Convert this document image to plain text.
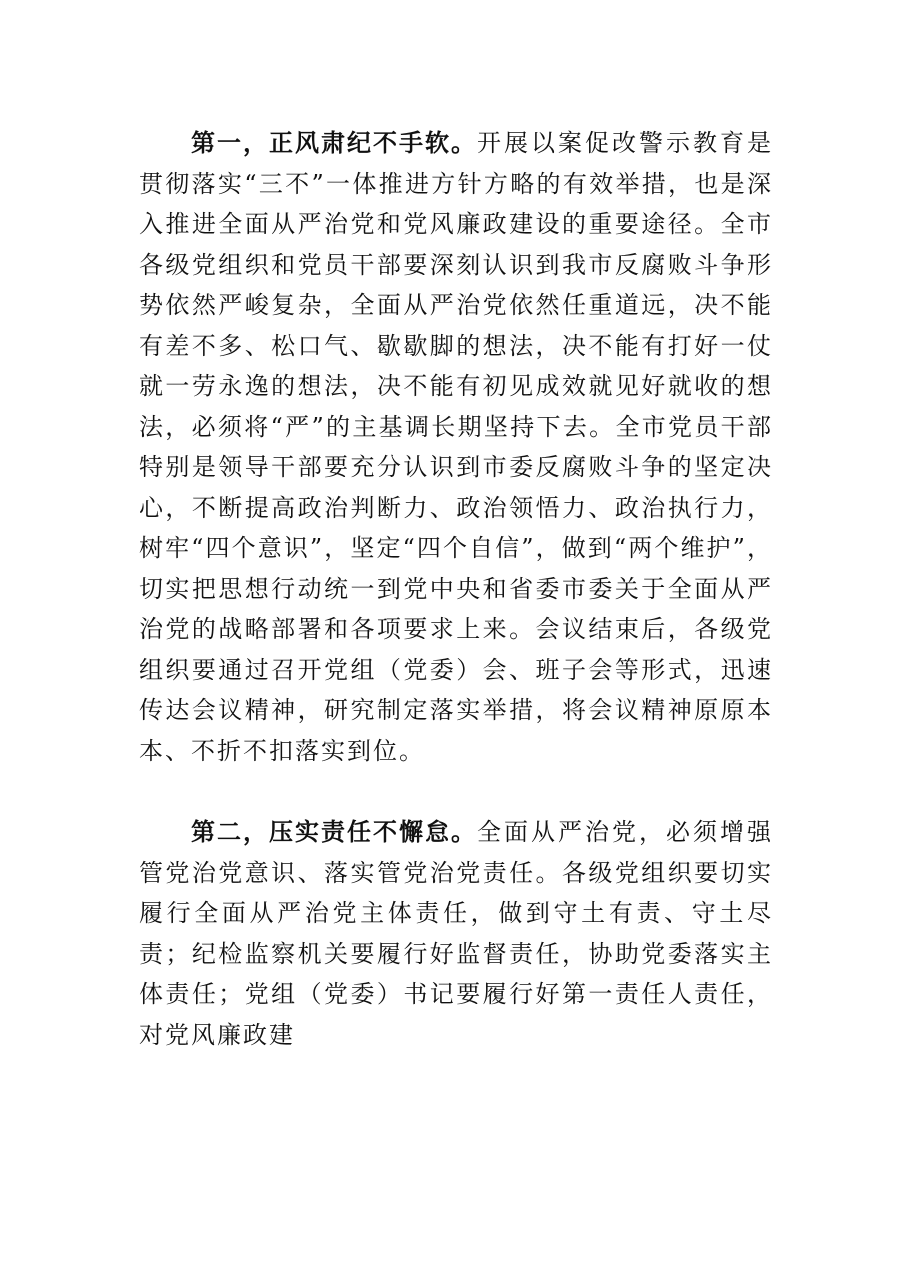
第一，正风肃纪不手软。开展以案促改警示教育是贯彻落实“三不”一体推进方针方略的有效举措，也是深入推进全面从严治党和党风廉政建设的重要途径。全市各级党组织和党员干部要深刻认识到我市反腐败斗争形势依然严峻复杂，全面从严治党依然任重道远，决不能有差不多、松口气、歇歇脚的想法，决不能有打好一仗就一劳永逸的想法，决不能有初见成效就见好就收的想法，必须将“严”的主基调长期坚持下去。全市党员干部特别是领导干部要充分认识到市委反腐败斗争的坚定决心，不断提高政治判断力、政治领悟力、政治执行力，树牢“四个意识”，坚定“四个自信”，做到“两个维护”，切实把思想行动统一到党中央和省委市委关于全面从严治党的战略部署和各项要求上来。会议结束后，各级党组织要通过召开党组（党委）会、班子会等形式，迅速传达会议精神，研究制定落实举措，将会议精神原原本本、不折不扣落实到位。

第二，压实责任不懈怠。全面从严治党，必须增强管党治党意识、落实管党治党责任。各级党组织要切实履行全面从严治党主体责任，做到守土有责、守土尽责；纪检监察机关要履行好监督责任，协助党委落实主体责任；党组（党委）书记要履行好第一责任人责任，对党风廉政建
